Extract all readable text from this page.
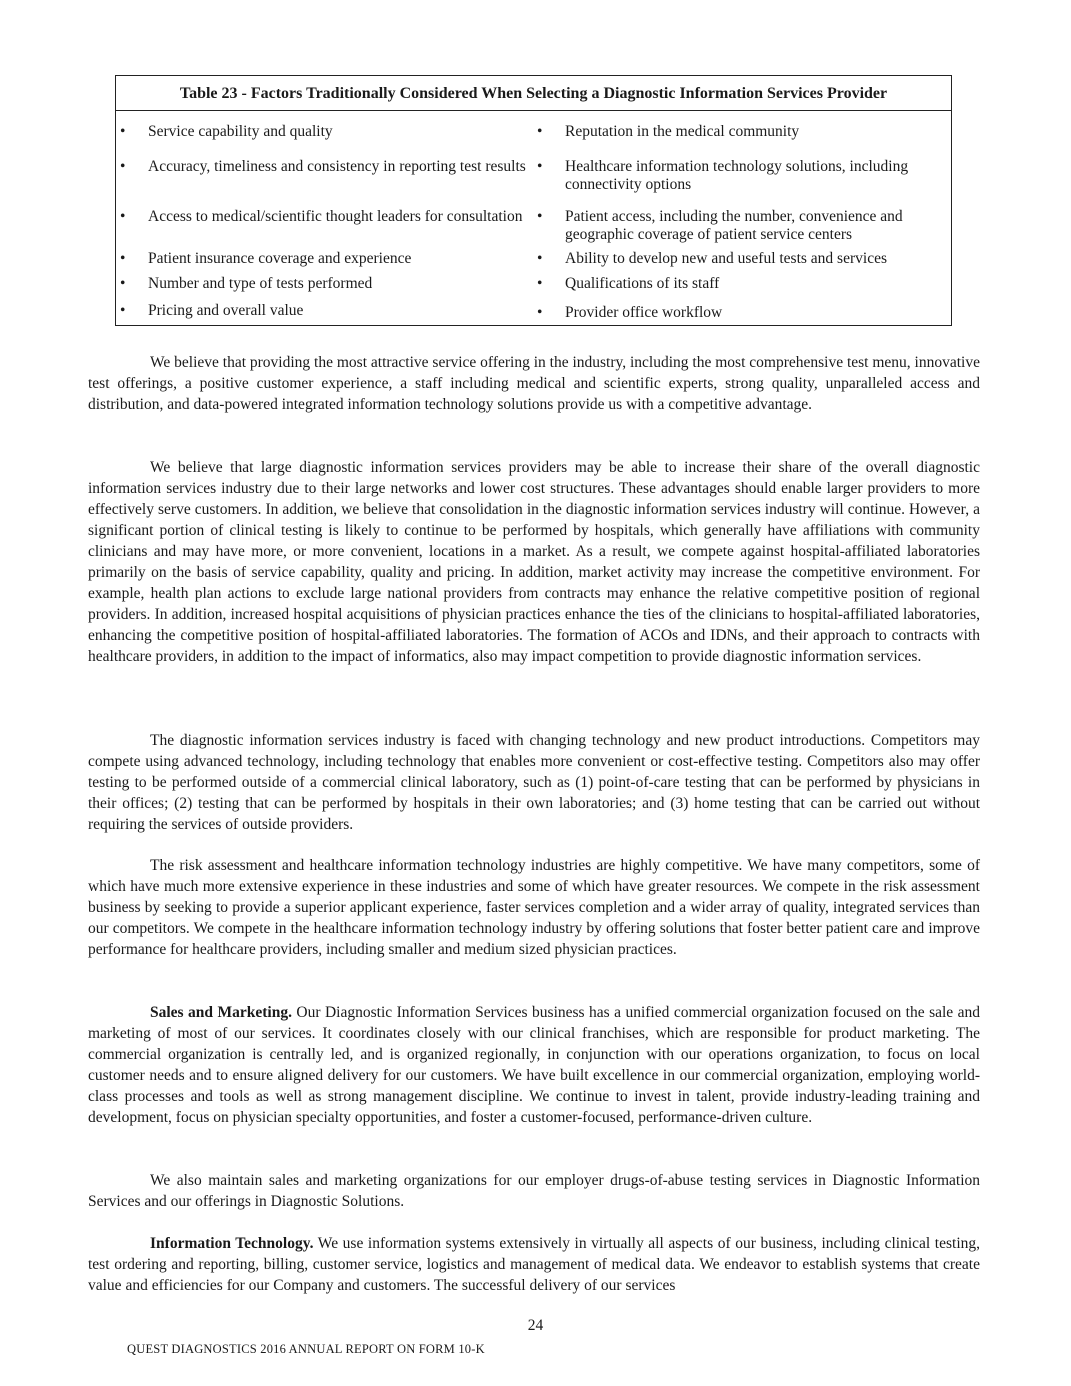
Table 23 - Factors Traditionally Considered When Selecting a Diagnostic Information Services Provider
• Service capability and quality
• Accuracy, timeliness and consistency in reporting test results
• Access to medical/scientific thought leaders for consultation
• Patient insurance coverage and experience
• Number and type of tests performed
• Pricing and overall value
• Reputation in the medical community
• Healthcare information technology solutions, including connectivity options
• Patient access, including the number, convenience and geographic coverage of patient service centers
• Ability to develop new and useful tests and services
• Qualifications of its staff
• Provider office workflow
We believe that providing the most attractive service offering in the industry, including the most comprehensive test menu, innovative test offerings, a positive customer experience, a staff including medical and scientific experts, strong quality, unparalleled access and distribution, and data-powered integrated information technology solutions provide us with a competitive advantage.
We believe that large diagnostic information services providers may be able to increase their share of the overall diagnostic information services industry due to their large networks and lower cost structures. These advantages should enable larger providers to more effectively serve customers. In addition, we believe that consolidation in the diagnostic information services industry will continue. However, a significant portion of clinical testing is likely to continue to be performed by hospitals, which generally have affiliations with community clinicians and may have more, or more convenient, locations in a market. As a result, we compete against hospital-affiliated laboratories primarily on the basis of service capability, quality and pricing. In addition, market activity may increase the competitive environment. For example, health plan actions to exclude large national providers from contracts may enhance the relative competitive position of regional providers. In addition, increased hospital acquisitions of physician practices enhance the ties of the clinicians to hospital-affiliated laboratories, enhancing the competitive position of hospital-affiliated laboratories. The formation of ACOs and IDNs, and their approach to contracts with healthcare providers, in addition to the impact of informatics, also may impact competition to provide diagnostic information services.
The diagnostic information services industry is faced with changing technology and new product introductions. Competitors may compete using advanced technology, including technology that enables more convenient or cost-effective testing. Competitors also may offer testing to be performed outside of a commercial clinical laboratory, such as (1) point-of-care testing that can be performed by physicians in their offices; (2) testing that can be performed by hospitals in their own laboratories; and (3) home testing that can be carried out without requiring the services of outside providers.
The risk assessment and healthcare information technology industries are highly competitive. We have many competitors, some of which have much more extensive experience in these industries and some of which have greater resources. We compete in the risk assessment business by seeking to provide a superior applicant experience, faster services completion and a wider array of quality, integrated services than our competitors. We compete in the healthcare information technology industry by offering solutions that foster better patient care and improve performance for healthcare providers, including smaller and medium sized physician practices.
Sales and Marketing. Our Diagnostic Information Services business has a unified commercial organization focused on the sale and marketing of most of our services. It coordinates closely with our clinical franchises, which are responsible for product marketing. The commercial organization is centrally led, and is organized regionally, in conjunction with our operations organization, to focus on local customer needs and to ensure aligned delivery for our customers. We have built excellence in our commercial organization, employing world-class processes and tools as well as strong management discipline. We continue to invest in talent, provide industry-leading training and development, focus on physician specialty opportunities, and foster a customer-focused, performance-driven culture.
We also maintain sales and marketing organizations for our employer drugs-of-abuse testing services in Diagnostic Information Services and our offerings in Diagnostic Solutions.
Information Technology. We use information systems extensively in virtually all aspects of our business, including clinical testing, test ordering and reporting, billing, customer service, logistics and management of medical data. We endeavor to establish systems that create value and efficiencies for our Company and customers. The successful delivery of our services
24
QUEST DIAGNOSTICS 2016 ANNUAL REPORT ON FORM 10-K
